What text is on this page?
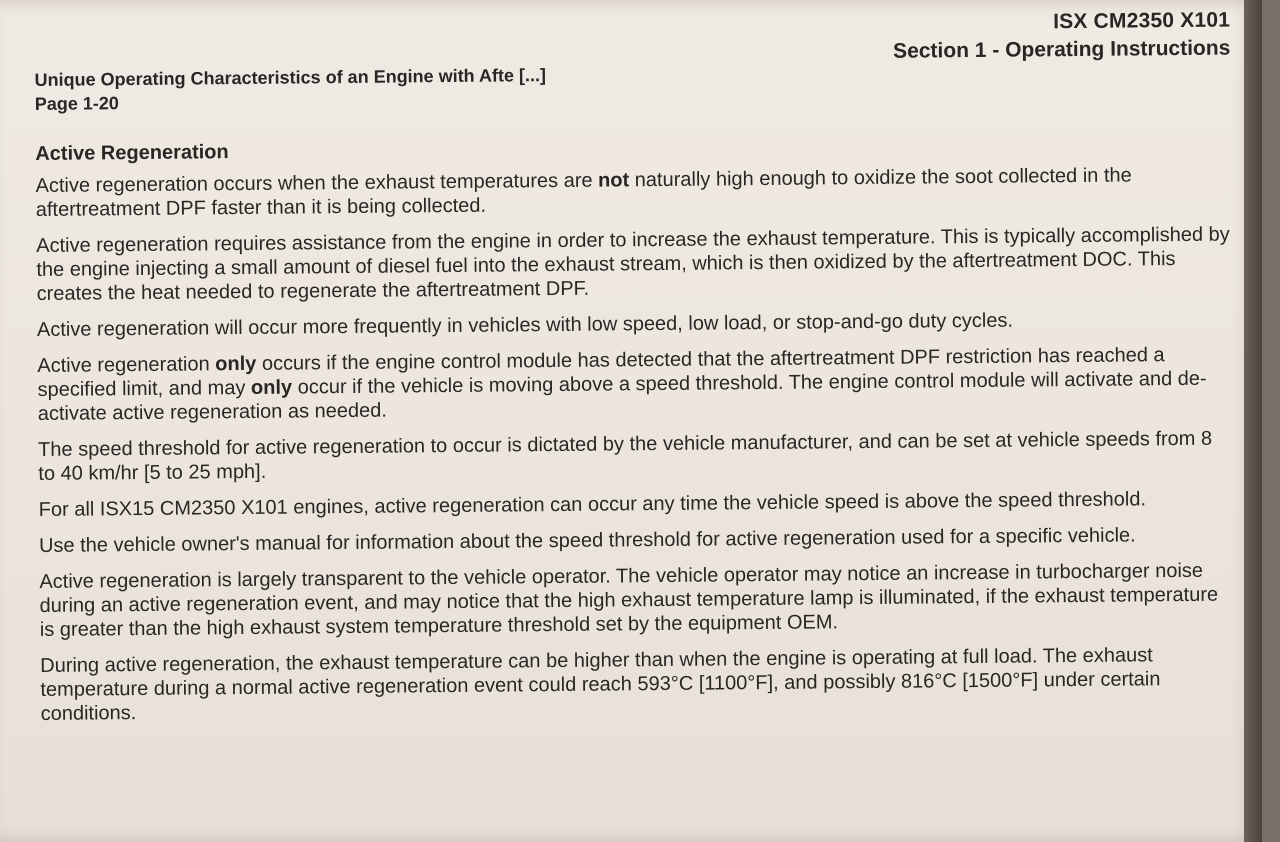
ISX CM2350 X101
Section 1 - Operating Instructions
Unique Operating Characteristics of an Engine with Afte [...]
Page 1-20
Active Regeneration

Active regeneration occurs when the exhaust temperatures are not naturally high enough to oxidize the soot collected in the aftertreatment DPF faster than it is being collected.

Active regeneration requires assistance from the engine in order to increase the exhaust temperature. This is typically accomplished by the engine injecting a small amount of diesel fuel into the exhaust stream, which is then oxidized by the aftertreatment DOC. This creates the heat needed to regenerate the aftertreatment DPF.

Active regeneration will occur more frequently in vehicles with low speed, low load, or stop-and-go duty cycles.

Active regeneration only occurs if the engine control module has detected that the aftertreatment DPF restriction has reached a specified limit, and may only occur if the vehicle is moving above a speed threshold. The engine control module will activate and de-activate active regeneration as needed.

The speed threshold for active regeneration to occur is dictated by the vehicle manufacturer, and can be set at vehicle speeds from 8 to 40 km/hr [5 to 25 mph].

For all ISX15 CM2350 X101 engines, active regeneration can occur any time the vehicle speed is above the speed threshold.

Use the vehicle owner's manual for information about the speed threshold for active regeneration used for a specific vehicle.

Active regeneration is largely transparent to the vehicle operator. The vehicle operator may notice an increase in turbocharger noise during an active regeneration event, and may notice that the high exhaust temperature lamp is illuminated, if the exhaust temperature is greater than the high exhaust system temperature threshold set by the equipment OEM.

During active regeneration, the exhaust temperature can be higher than when the engine is operating at full load. The exhaust temperature during a normal active regeneration event could reach 593°C [1100°F], and possibly 816°C [1500°F] under certain conditions.
